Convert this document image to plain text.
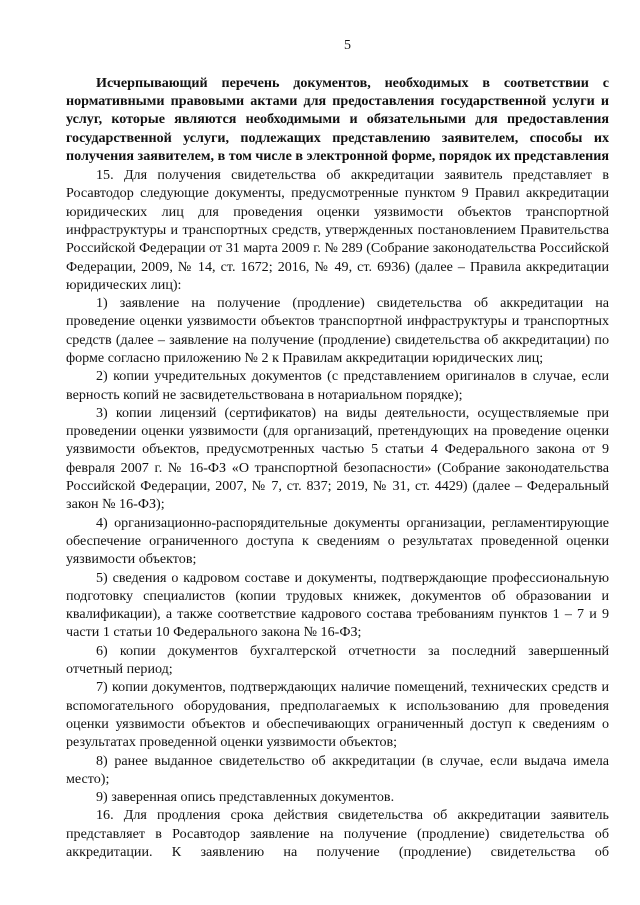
5
Исчерпывающий перечень документов, необходимых в соответствии с нормативными правовыми актами для предоставления государственной услуги и услуг, которые являются необходимыми и обязательными для предоставления государственной услуги, подлежащих представлению заявителем, способы их получения заявителем, в том числе в электронной форме, порядок их представления

15. Для получения свидетельства об аккредитации заявитель представляет в Росавтодор следующие документы, предусмотренные пунктом 9 Правил аккредитации юридических лиц для проведения оценки уязвимости объектов транспортной инфраструктуры и транспортных средств, утвержденных постановлением Правительства Российской Федерации от 31 марта 2009 г. № 289 (Собрание законодательства Российской Федерации, 2009, № 14, ст. 1672; 2016, № 49, ст. 6936) (далее – Правила аккредитации юридических лиц):

1) заявление на получение (продление) свидетельства об аккредитации на проведение оценки уязвимости объектов транспортной инфраструктуры и транспортных средств (далее – заявление на получение (продление) свидетельства об аккредитации) по форме согласно приложению № 2 к Правилам аккредитации юридических лиц;

2) копии учредительных документов (с представлением оригиналов в случае, если верность копий не засвидетельствована в нотариальном порядке);

3) копии лицензий (сертификатов) на виды деятельности, осуществляемые при проведении оценки уязвимости (для организаций, претендующих на проведение оценки уязвимости объектов, предусмотренных частью 5 статьи 4 Федерального закона от 9 февраля 2007 г. № 16-ФЗ «О транспортной безопасности» (Собрание законодательства Российской Федерации, 2007, № 7, ст. 837; 2019, № 31, ст. 4429) (далее – Федеральный закон № 16-ФЗ);

4) организационно-распорядительные документы организации, регламентирующие обеспечение ограниченного доступа к сведениям о результатах проведенной оценки уязвимости объектов;

5) сведения о кадровом составе и документы, подтверждающие профессиональную подготовку специалистов (копии трудовых книжек, документов об образовании и квалификации), а также соответствие кадрового состава требованиям пунктов 1 – 7 и 9 части 1 статьи 10 Федерального закона № 16-ФЗ;

6) копии документов бухгалтерской отчетности за последний завершенный отчетный период;

7) копии документов, подтверждающих наличие помещений, технических средств и вспомогательного оборудования, предполагаемых к использованию для проведения оценки уязвимости объектов и обеспечивающих ограниченный доступ к сведениям о результатах проведенной оценки уязвимости объектов;

8) ранее выданное свидетельство об аккредитации (в случае, если выдача имела место);

9) заверенная опись представленных документов.

16. Для продления срока действия свидетельства об аккредитации заявитель представляет в Росавтодор заявление на получение (продление) свидетельства об аккредитации. К заявлению на получение (продление) свидетельства об
